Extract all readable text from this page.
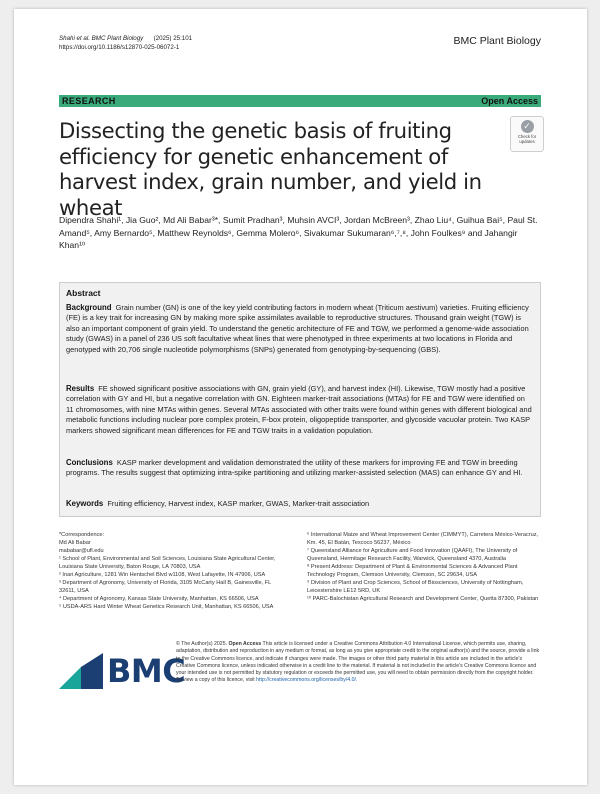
Shahi et al. BMC Plant Biology (2025) 25:101
https://doi.org/10.1186/s12870-025-06072-1
BMC Plant Biology
RESEARCH	Open Access
Dissecting the genetic basis of fruiting efficiency for genetic enhancement of harvest index, grain number, and yield in wheat
✓
Check for
updates
Dipendra Shahi¹, Jia Guo², Md Ali Babar³*, Sumit Pradhan³, Muhsin AVCI³, Jordan McBreen³, Zhao Liu⁴, Guihua Bai⁵, Paul St. Amand⁵, Amy Bernardo⁵, Matthew Reynolds⁶, Gemma Molero⁶, Sivakumar Sukumaran⁶,⁷,⁸, John Foulkes⁹ and Jahangir Khan¹⁰
Abstract

Background Grain number (GN) is one of the key yield contributing factors in modern wheat (Triticum aestivum) varieties. Fruiting efficiency (FE) is a key trait for increasing GN by making more spike assimilates available to reproductive structures. Thousand grain weight (TGW) is also an important component of grain yield. To understand the genetic architecture of FE and TGW, we performed a genome-wide association study (GWAS) in a panel of 236 US soft facultative wheat lines that were phenotyped in three experiments at two locations in Florida and genotyped with 20,706 single nucleotide polymorphisms (SNPs) generated from genotyping-by-sequencing (GBS).

Results FE showed significant positive associations with GN, grain yield (GY), and harvest index (HI). Likewise, TGW mostly had a positive correlation with GY and HI, but a negative correlation with GN. Eighteen marker-trait associations (MTAs) for FE and TGW were identified on 11 chromosomes, with nine MTAs within genes. Several MTAs associated with other traits were found within genes with different biological and metabolic functions including nuclear pore complex protein, F-box protein, oligopeptide transporter, and glycoside vacuolar protein. Two KASP markers showed significant mean differences for FE and TGW traits in a validation population.

Conclusions KASP marker development and validation demonstrated the utility of these markers for improving FE and TGW in breeding programs. The results suggest that optimizing intra-spike partitioning and utilizing marker-assisted selection (MAS) can enhance GY and HI.

Keywords Fruiting efficiency, Harvest index, KASP marker, GWAS, Marker-trait association

*Correspondence:

Md Ali Babar

mababar@ufl.edu

¹ School of Plant, Environmental and Soil Sciences, Louisiana State Agricultural Center, Louisiana State University, Baton Rouge, LA 70803, USA

² Inari Agriculture, 1281 Win Hentschel Blvd w1108, West Lafayette, IN 47906, USA

³ Department of Agronomy, University of Florida, 3105 McCarty Hall B, Gainesville, FL 32611, USA

⁴ Department of Agronomy, Kansas State University, Manhattan, KS 66506, USA

⁵ USDA-ARS Hard Winter Wheat Genetics Research Unit, Manhattan, KS 66506, USA

⁶ International Maize and Wheat Improvement Center (CIMMYT), Carretera México-Veracruz, Km. 45, El Batán, Texcoco 56237, México

⁷ Queensland Alliance for Agriculture and Food Innovation (QAAFI), The University of Queensland, Hermitage Research Facility, Warwick, Queensland 4370, Australia

⁸ Present Address: Department of Plant & Environmental Sciences & Advanced Plant Technology Program, Clemson University, Clemson, SC 29634, USA

⁹ Division of Plant and Crop Sciences, School of Biosciences, University of Nottingham, Leicestershire LE12 5RD, UK

¹⁰ PARC-Balochistan Agricultural Research and Development Center, Quetta 87300, Pakistan

BMC

© The Author(s) 2025. Open Access This article is licensed under a Creative Commons Attribution 4.0 International License, which permits use, sharing, adaptation, distribution and reproduction in any medium or format, as long as you give appropriate credit to the original author(s) and the source, provide a link to the Creative Commons licence, and indicate if changes were made. The images or other third party material in this article are included in the article's Creative Commons licence, unless indicated otherwise in a credit line to the material. If material is not included in the article's Creative Commons licence and your intended use is not permitted by statutory regulation or exceeds the permitted use, you will need to obtain permission directly from the copyright holder. To view a copy of this licence, visit http://creativecommons.org/licenses/by/4.0/.
